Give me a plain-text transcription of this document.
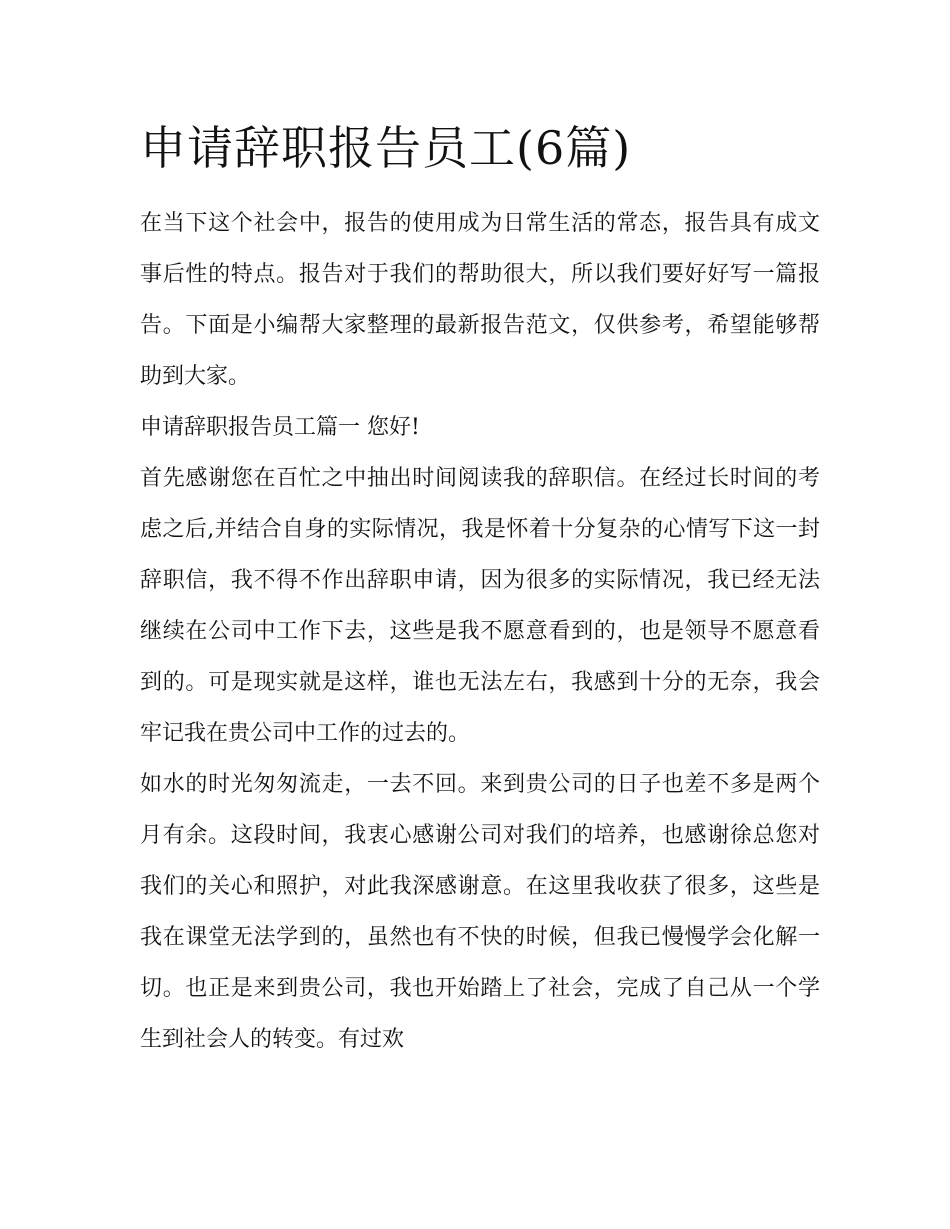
申请辞职报告员工(6篇)

在当下这个社会中，报告的使用成为日常生活的常态，报告具有成文事后性的特点。报告对于我们的帮助很大，所以我们要好好写一篇报告。下面是小编帮大家整理的最新报告范文，仅供参考，希望能够帮助到大家。

申请辞职报告员工篇一 您好!

首先感谢您在百忙之中抽出时间阅读我的辞职信。在经过长时间的考虑之后,并结合自身的实际情况，我是怀着十分复杂的心情写下这一封辞职信，我不得不作出辞职申请，因为很多的实际情况，我已经无法继续在公司中工作下去，这些是我不愿意看到的，也是领导不愿意看到的。可是现实就是这样，谁也无法左右，我感到十分的无奈，我会牢记我在贵公司中工作的过去的。

如水的时光匆匆流走，一去不回。来到贵公司的日子也差不多是两个月有余。这段时间，我衷心感谢公司对我们的培养，也感谢徐总您对我们的关心和照护，对此我深感谢意。在这里我收获了很多，这些是我在课堂无法学到的，虽然也有不快的时候，但我已慢慢学会化解一切。也正是来到贵公司，我也开始踏上了社会，完成了自己从一个学生到社会人的转变。有过欢
